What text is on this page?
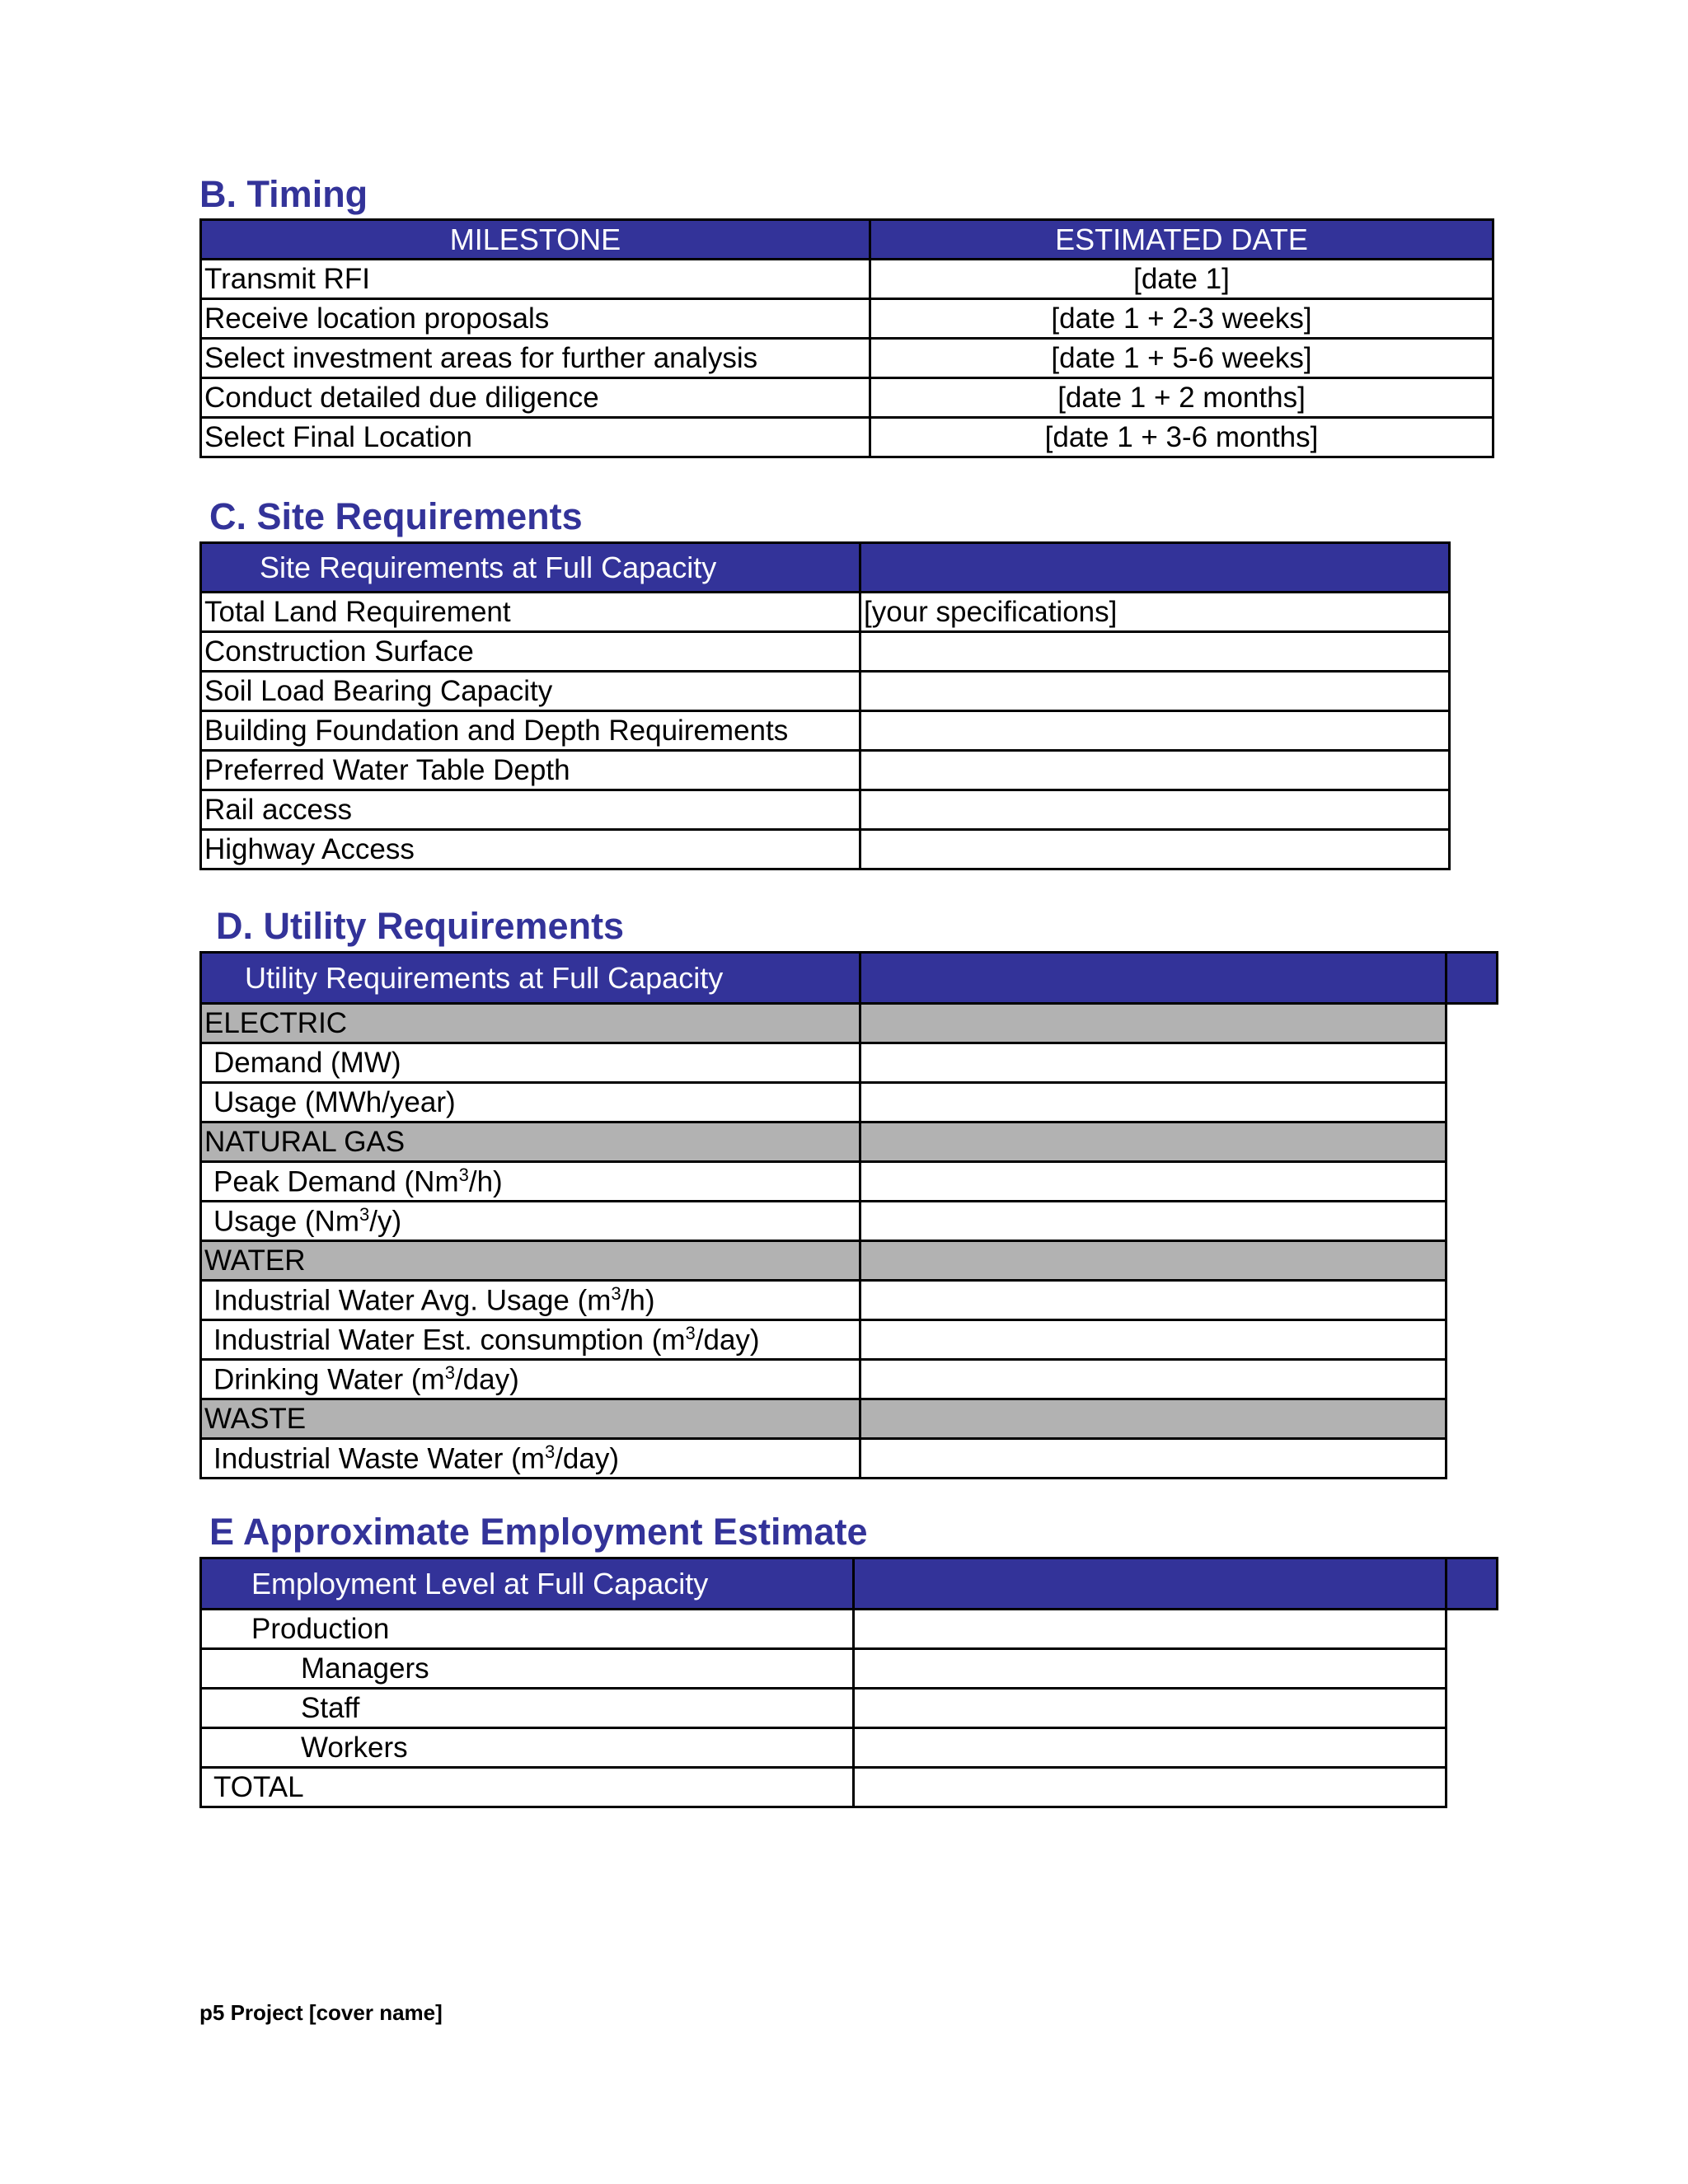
B. Timing
MILESTONE	ESTIMATED DATE
Transmit RFI	[date 1]
Receive location proposals	[date 1 + 2-3 weeks]
Select investment areas for further analysis	[date 1 + 5-6 weeks]
Conduct detailed due diligence	[date 1 + 2 months]
Select Final Location	[date 1 + 3-6 months]
C. Site Requirements
Site Requirements at Full Capacity	
Total Land Requirement	[your specifications]
Construction Surface	
Soil Load Bearing Capacity	
Building Foundation and Depth Requirements	
Preferred Water Table Depth	
Rail access	
Highway Access	
D. Utility Requirements
Utility Requirements at Full Capacity		
ELECTRIC		
Demand (MW)		
Usage (MWh/year)		
NATURAL GAS		
Peak Demand (Nm$^3$/h)		
Usage (Nm$^3$/y)		
WATER		
Industrial Water Avg. Usage $(m^3/h)$		
Industrial Water Est. consumption $(m^3/day)$		
Drinking Water $(m^3/day)$		
WASTE		
Industrial Waste Water $(m^3/day)$		
E Approximate Employment Estimate
Employment Level at Full Capacity		
Production		
Managers		
Staff		
Workers		
TOTAL		
p5 Project [cover name]
